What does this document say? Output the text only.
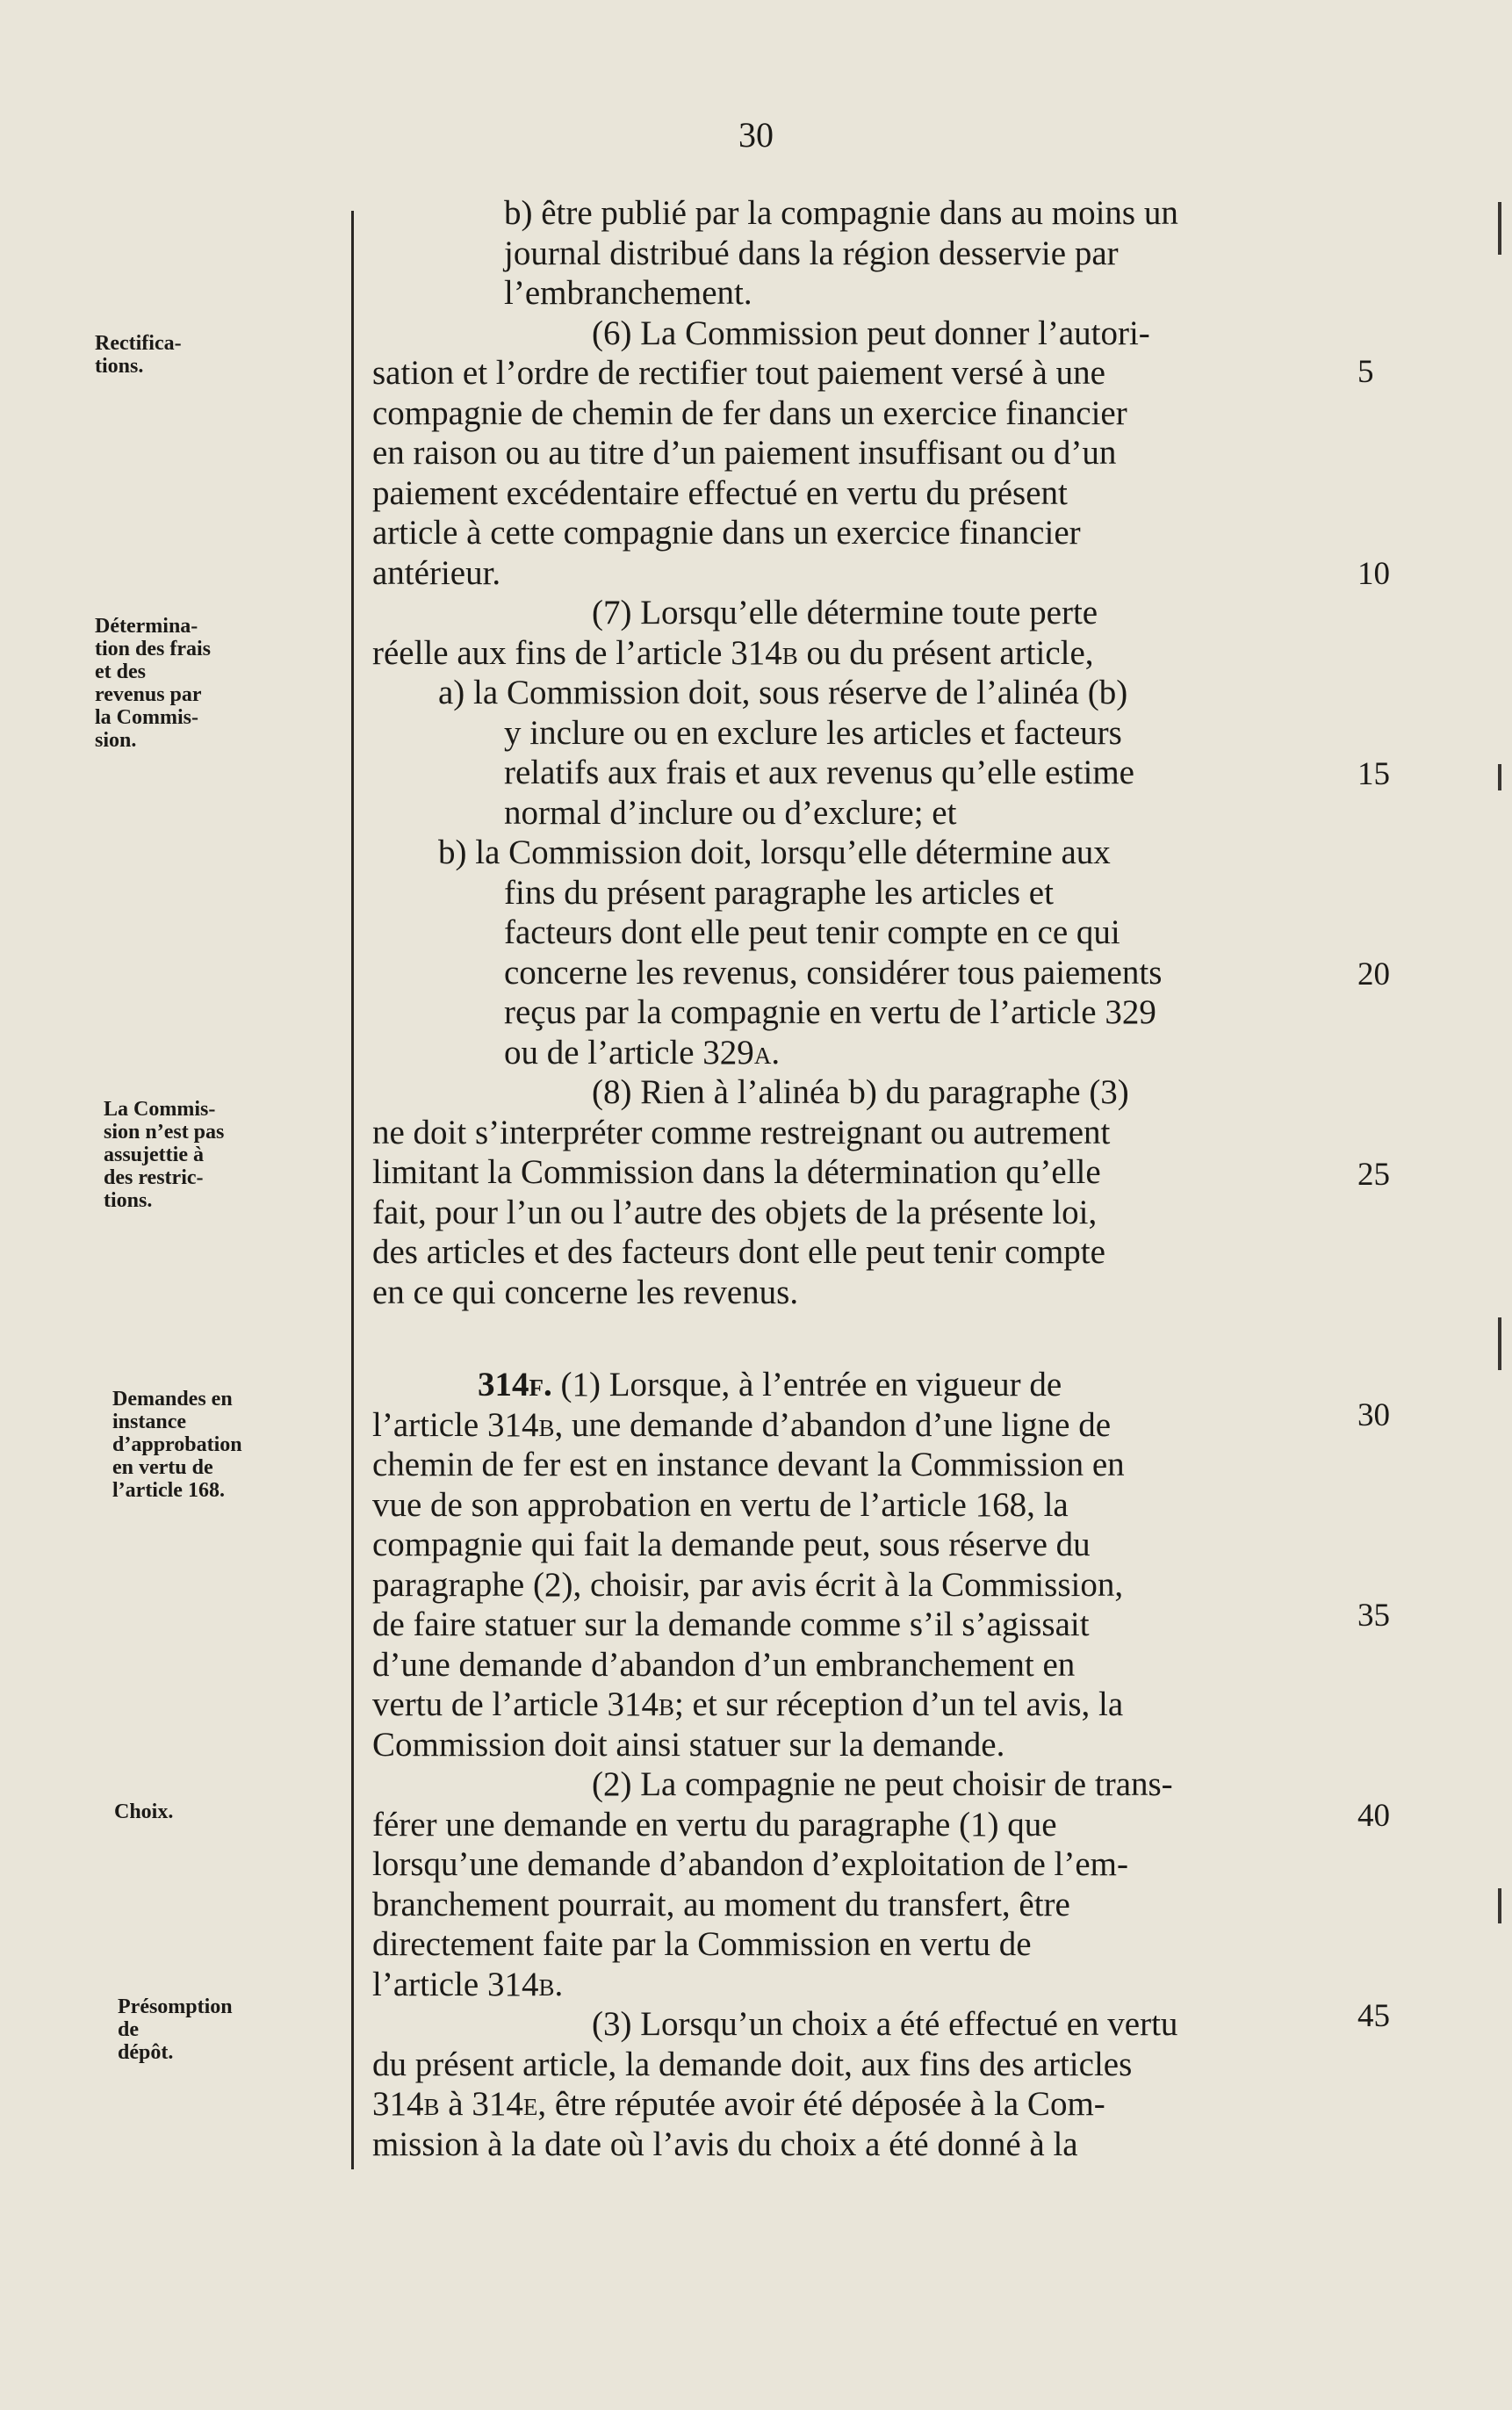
30
Rectifica-
tions.
Détermina-
tion des frais
et des
revenus par
la Commis-
sion.
La Commis-
sion n’est pas
assujettie à
des restric-
tions.
Demandes en
instance
d’approbation
en vertu de
l’article 168.
Choix.
Présomption
de
dépôt.
b) être publié par la compagnie dans au moins un
journal distribué dans la région desservie par
l’embranchement.
(6) La Commission peut donner l’autori-
sation et l’ordre de rectifier tout paiement versé à une
compagnie de chemin de fer dans un exercice financier
en raison ou au titre d’un paiement insuffisant ou d’un
paiement excédentaire effectué en vertu du présent
article à cette compagnie dans un exercice financier
antérieur.
(7) Lorsqu’elle détermine toute perte
réelle aux fins de l’article 314b ou du présent article,
a) la Commission doit, sous réserve de l’alinéa (b)
y inclure ou en exclure les articles et facteurs
relatifs aux frais et aux revenus qu’elle estime
normal d’inclure ou d’exclure; et
b) la Commission doit, lorsqu’elle détermine aux
fins du présent paragraphe les articles et
facteurs dont elle peut tenir compte en ce qui
concerne les revenus, considérer tous paiements
reçus par la compagnie en vertu de l’article 329
ou de l’article 329a.
(8) Rien à l’alinéa b) du paragraphe (3)
ne doit s’interpréter comme restreignant ou autrement
limitant la Commission dans la détermination qu’elle
fait, pour l’un ou l’autre des objets de la présente loi,
des articles et des facteurs dont elle peut tenir compte
en ce qui concerne les revenus.
314f. (1) Lorsque, à l’entrée en vigueur de
l’article 314b, une demande d’abandon d’une ligne de
chemin de fer est en instance devant la Commission en
vue de son approbation en vertu de l’article 168, la
compagnie qui fait la demande peut, sous réserve du
paragraphe (2), choisir, par avis écrit à la Commission,
de faire statuer sur la demande comme s’il s’agissait
d’une demande d’abandon d’un embranchement en
vertu de l’article 314b; et sur réception d’un tel avis, la
Commission doit ainsi statuer sur la demande.
(2) La compagnie ne peut choisir de trans-
férer une demande en vertu du paragraphe (1) que
lorsqu’une demande d’abandon d’exploitation de l’em-
branchement pourrait, au moment du transfert, être
directement faite par la Commission en vertu de
l’article 314b.
(3) Lorsqu’un choix a été effectué en vertu
du présent article, la demande doit, aux fins des articles
314b à 314e, être réputée avoir été déposée à la Com-
mission à la date où l’avis du choix a été donné à la
5
10
15
20
25
30
35
40
45
